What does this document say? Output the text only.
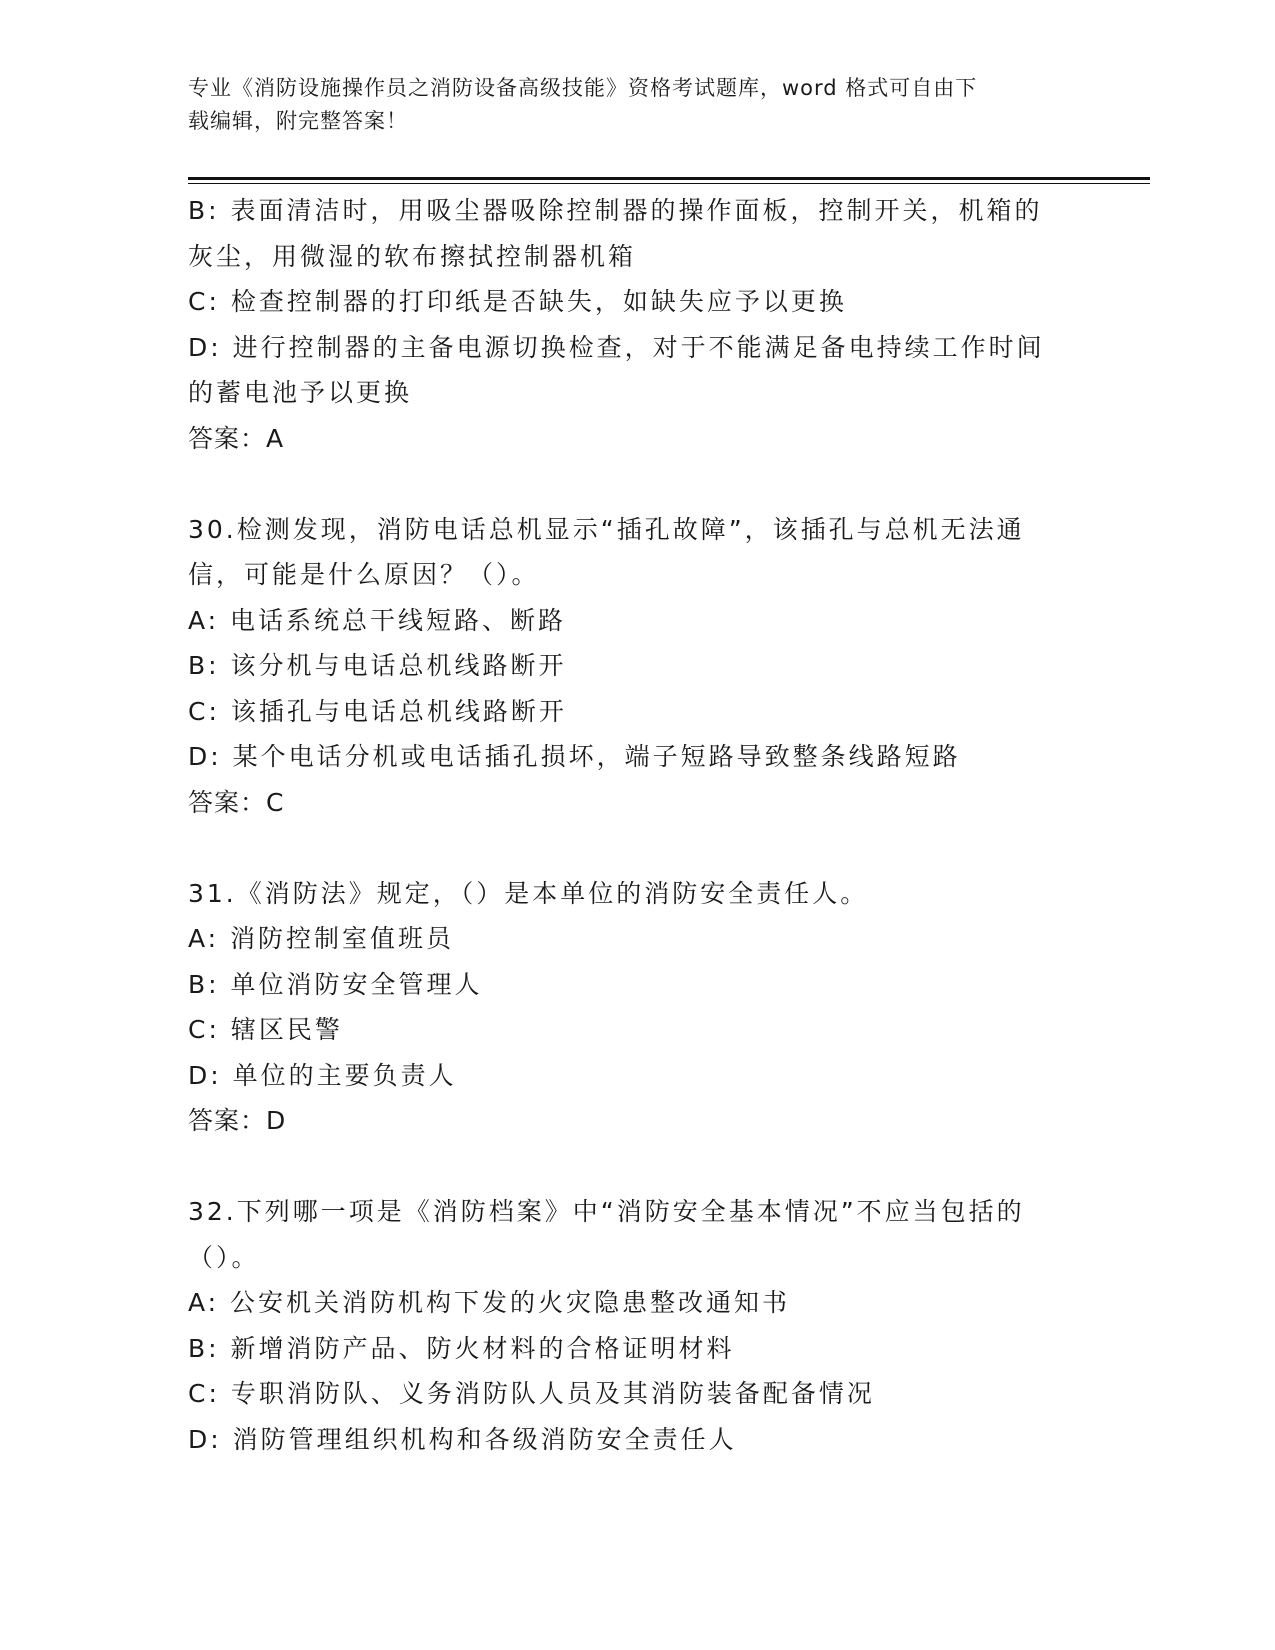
专业《消防设施操作员之消防设备高级技能》资格考试题库，word 格式可自由下
载编辑，附完整答案！
B: 表面清洁时，用吸尘器吸除控制器的操作面板，控制开关，机箱的
灰尘，用微湿的软布擦拭控制器机箱
C: 检查控制器的打印纸是否缺失，如缺失应予以更换
D: 进行控制器的主备电源切换检查，对于不能满足备电持续工作时间
的蓄电池予以更换
答案：A
30.检测发现，消防电话总机显示“插孔故障”，该插孔与总机无法通
信，可能是什么原因？（）。
A: 电话系统总干线短路、断路
B: 该分机与电话总机线路断开
C: 该插孔与电话总机线路断开
D: 某个电话分机或电话插孔损坏，端子短路导致整条线路短路
答案：C
31.《消防法》规定，（）是本单位的消防安全责任人。
A: 消防控制室值班员
B: 单位消防安全管理人
C: 辖区民警
D: 单位的主要负责人
答案：D
32.下列哪一项是《消防档案》中“消防安全基本情况”不应当包括的
（）。
A: 公安机关消防机构下发的火灾隐患整改通知书
B: 新增消防产品、防火材料的合格证明材料
C: 专职消防队、义务消防队人员及其消防装备配备情况
D: 消防管理组织机构和各级消防安全责任人
